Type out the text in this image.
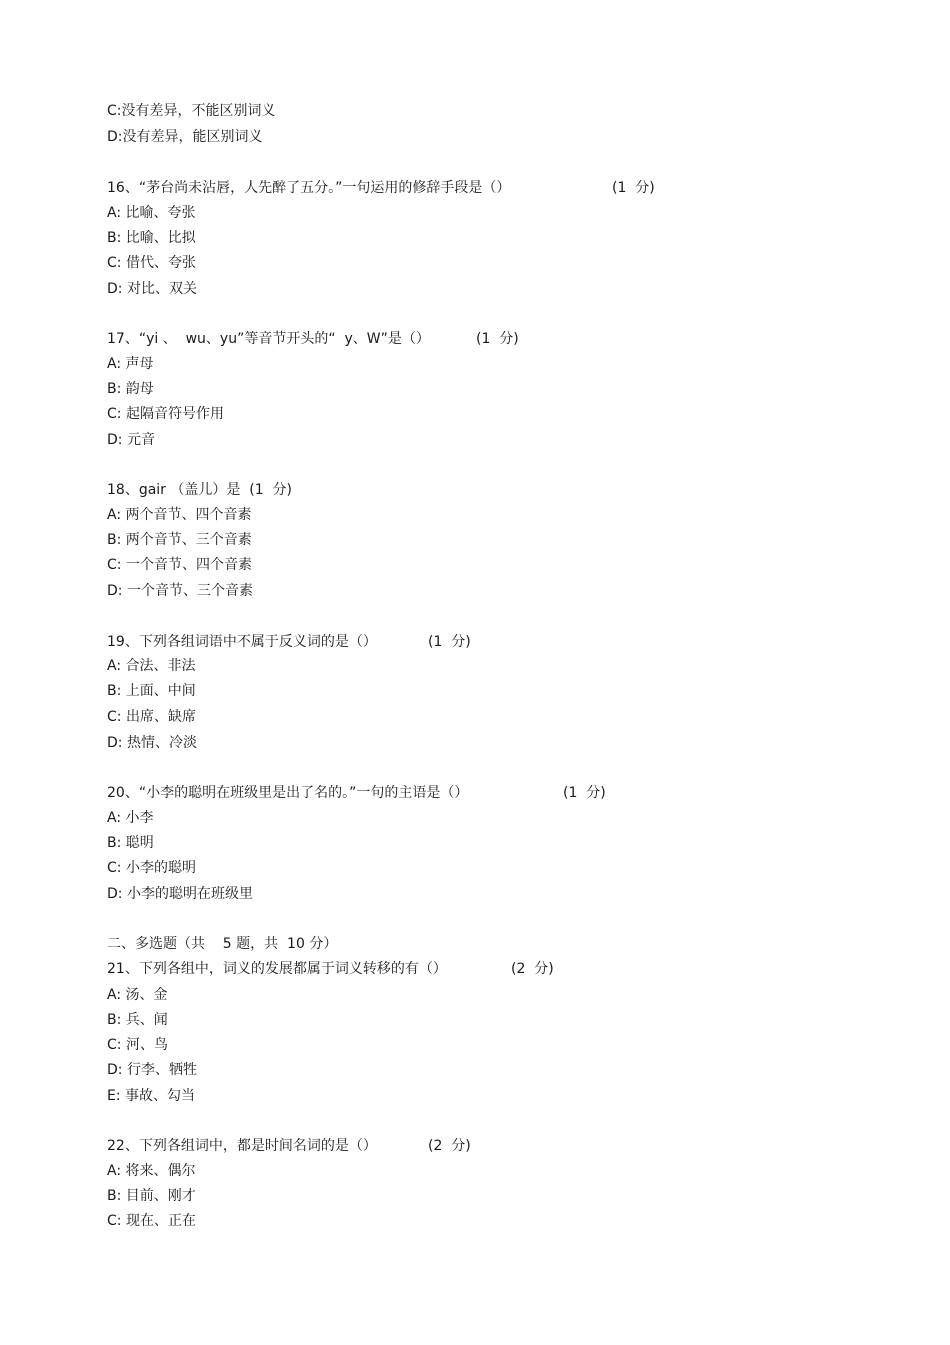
C:没有差异，不能区别词义
D:没有差异，能区别词义
16、“茅台尚未沾唇，人先醉了五分。”一句运用的修辞手段是（）	(1  分)
A: 比喻、夸张
B: 比喻、比拟
C: 借代、夸张
D: 对比、双关
17、“yi 、  wu、yu”等音节开头的“  y、W”是（）	(1  分)
A: 声母
B: 韵母
C: 起隔音符号作用
D: 元音
18、gair （盖儿）是  (1  分)
A: 两个音节、四个音素
B: 两个音节、三个音素
C: 一个音节、四个音素
D: 一个音节、三个音素
19、下列各组词语中不属于反义词的是（）	(1  分)
A: 合法、非法
B: 上面、中间
C: 出席、缺席
D: 热情、冷淡
20、“小李的聪明在班级里是出了名的。”一句的主语是（）	(1  分)
A: 小李
B: 聪明
C: 小李的聪明
D: 小李的聪明在班级里
二、多选题（共    5 题，共  10 分）
21、下列各组中，词义的发展都属于词义转移的有（）	(2  分)
A: 汤、金
B: 兵、闻
C: 河、鸟
D: 行李、牺牲
E: 事故、勾当
22、下列各组词中，都是时间名词的是（）	(2  分)
A: 将来、偶尔
B: 目前、刚才
C: 现在、正在
